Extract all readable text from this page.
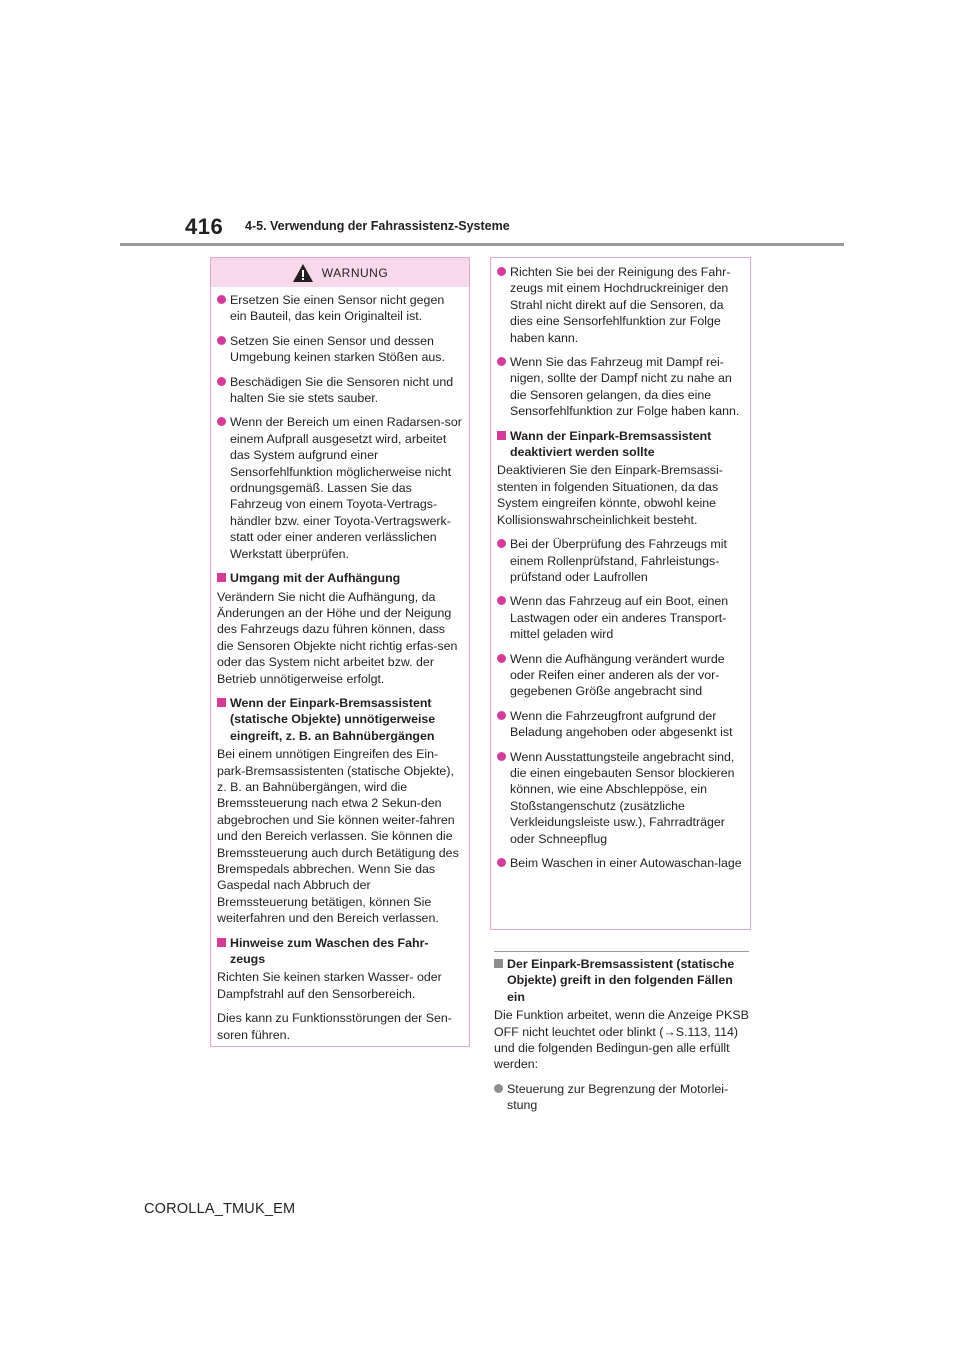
416 4-5. Verwendung der Fahrassistenz-Systeme
WARNUNG
Ersetzen Sie einen Sensor nicht gegen ein Bauteil, das kein Originalteil ist.
Setzen Sie einen Sensor und dessen Umgebung keinen starken Stößen aus.
Beschädigen Sie die Sensoren nicht und halten Sie sie stets sauber.
Wenn der Bereich um einen Radarsen-sor einem Aufprall ausgesetzt wird, arbeitet das System aufgrund einer Sensorfehlfunktion möglicherweise nicht ordnungsgemäß. Lassen Sie das Fahrzeug von einem Toyota-Vertrags-händler bzw. einer Toyota-Vertragswerk-statt oder einer anderen verlässlichen Werkstatt überprüfen.
Umgang mit der Aufhängung
Verändern Sie nicht die Aufhängung, da Änderungen an der Höhe und der Neigung des Fahrzeugs dazu führen können, dass die Sensoren Objekte nicht richtig erfas-sen oder das System nicht arbeitet bzw. der Betrieb unnötigerweise erfolgt.
Wenn der Einpark-Bremsassistent (statische Objekte) unnötigerweise eingreift, z. B. an Bahnübergängen
Bei einem unnötigen Eingreifen des Ein-park-Bremsassistenten (statische Objekte), z. B. an Bahnübergängen, wird die Bremssteuerung nach etwa 2 Sekun-den abgebrochen und Sie können weiter-fahren und den Bereich verlassen. Sie können die Bremssteuerung auch durch Betätigung des Bremspedals abbrechen. Wenn Sie das Gaspedal nach Abbruch der Bremssteuerung betätigen, können Sie weiterfahren und den Bereich verlassen.
Hinweise zum Waschen des Fahr-zeugs
Richten Sie keinen starken Wasser- oder Dampfstrahl auf den Sensorbereich.
Dies kann zu Funktionsstörungen der Sen-soren führen.
Richten Sie bei der Reinigung des Fahr-zeugs mit einem Hochdruckreiniger den Strahl nicht direkt auf die Sensoren, da dies eine Sensorfehlfunktion zur Folge haben kann.
Wenn Sie das Fahrzeug mit Dampf rei-nigen, sollte der Dampf nicht zu nahe an die Sensoren gelangen, da dies eine Sensorfehlfunktion zur Folge haben kann.
Wann der Einpark-Bremsassistent deaktiviert werden sollte
Deaktivieren Sie den Einpark-Bremsassi-stenten in folgenden Situationen, da das System eingreifen könnte, obwohl keine Kollisionswahrscheinlichkeit besteht.
Bei der Überprüfung des Fahrzeugs mit einem Rollenprüfstand, Fahrleistungs-prüfstand oder Laufrollen
Wenn das Fahrzeug auf ein Boot, einen Lastwagen oder ein anderes Transport-mittel geladen wird
Wenn die Aufhängung verändert wurde oder Reifen einer anderen als der vor-gegebenen Größe angebracht sind
Wenn die Fahrzeugfront aufgrund der Beladung angehoben oder abgesenkt ist
Wenn Ausstattungsteile angebracht sind, die einen eingebauten Sensor blockieren können, wie eine Abschleppöse, ein Stoßstangenschutz (zusätzliche Verkleidungsleiste usw.), Fahrradträger oder Schneepflug
Beim Waschen in einer Autowaschan-lage
Der Einpark-Bremsassistent (statische Objekte) greift in den folgenden Fällen ein
Die Funktion arbeitet, wenn die Anzeige PKSB OFF nicht leuchtet oder blinkt (→S.113, 114) und die folgenden Bedingun-gen alle erfüllt werden:
Steuerung zur Begrenzung der Motorlei-stung
COROLLA_TMUK_EM
